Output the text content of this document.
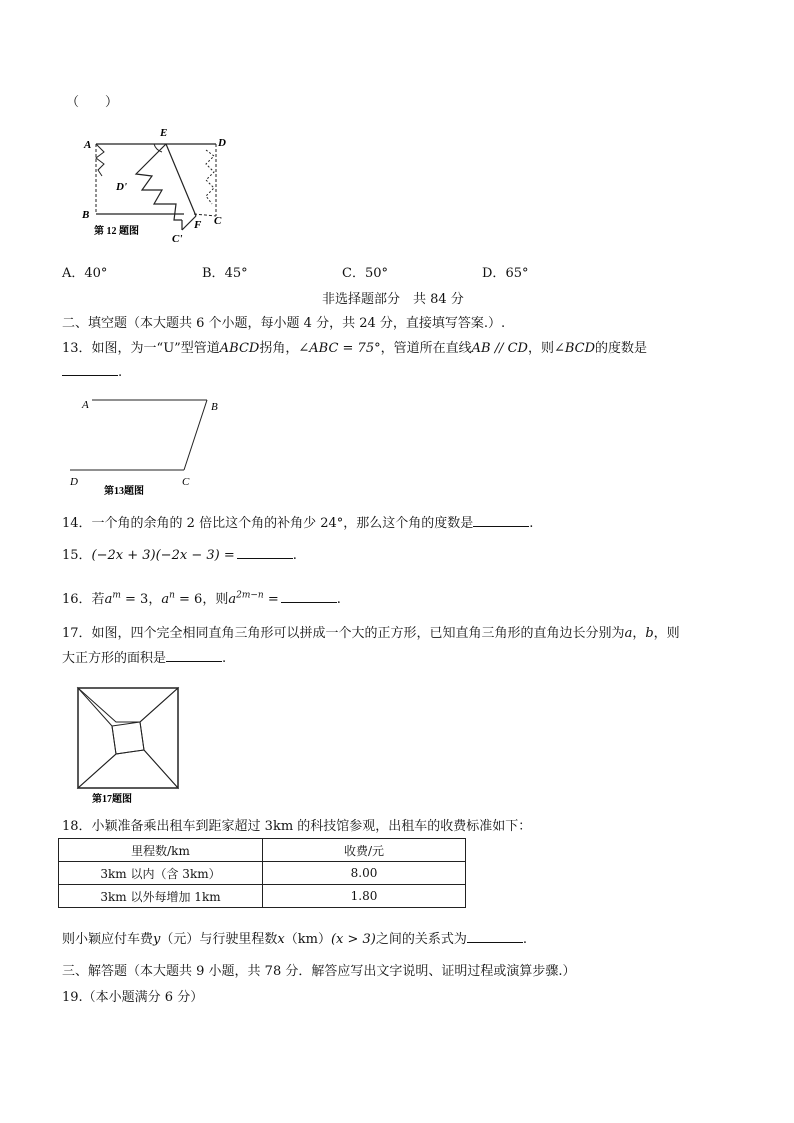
（　　）
A
E
D
D'
B
F C
C'
第 12 题图
A．40°	B．45°	C．50°	D．65°
非选择题部分　共 84 分
二、填空题（本大题共 6 个小题，每小题 4 分，共 24 分，直接填写答案.）.
13．如图，为一“U”型管道ABCD拐角，∠ABC = 75°，管道所在直线AB // CD，则∠BCD的度数是
.
A	B
C
D
第13题图
14．一个角的余角的 2 倍比这个角的补角少 24°，那么这个角的度数是	.
15．(−2x + 3)(−2x − 3) =	.
16．若$a^m = 3$，$a^n = 6$，则$a^{2m-n}$ =	.
17．如图，四个完全相同直角三角形可以拼成一个大的正方形，已知直角三角形的直角边长分别为a，b，则
大正方形的面积是	.
第17题图
18．小颖准备乘出租车到距家超过 3km 的科技馆参观，出租车的收费标准如下：
里程数/km	收费/元
3km 以内（含 3km）	8.00
3km 以外每增加 1km	1.80
则小颖应付车费y（元）与行驶里程数x（km）(x > 3)之间的关系式为	.
三、解答题（本大题共 9 小题，共 78 分．解答应写出文字说明、证明过程或演算步骤.）
19.（本小题满分 6 分）
